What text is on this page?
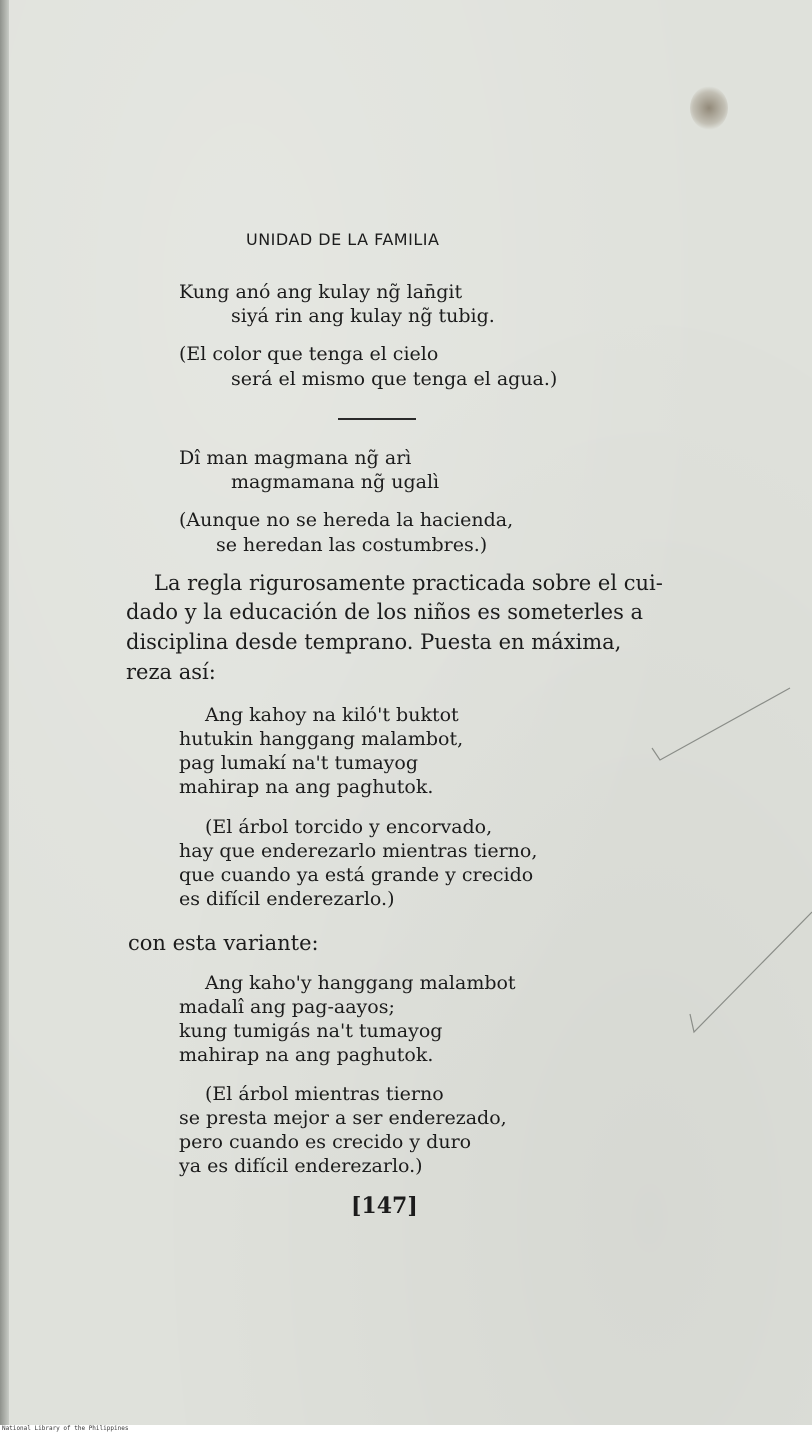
UNIDAD DE LA FAMILIA
Kung anó ang kulay ng̃ lan̄git
siyá rin ang kulay ng̃ tubig.
(El color que tenga el cielo
será el mismo que tenga el agua.)
Dî man magmana ng̃ arì
magmamana ng̃ ugalì
(Aunque no se hereda la hacienda,
se heredan las costumbres.)
La regla rigurosamente practicada sobre el cui-
dado y la educación de los niños es someterles a
disciplina desde temprano. Puesta en máxima,
reza así:
Ang kahoy na kiló't buktot
hutukin hanggang malambot,
pag lumakí na't tumayog
mahirap na ang paghutok.
(El árbol torcido y encorvado,
hay que enderezarlo mientras tierno,
que cuando ya está grande y crecido
es difícil enderezarlo.)
con esta variante:
Ang kaho'y hanggang malambot
madalî ang pag-aayos;
kung tumigás na't tumayog
mahirap na ang paghutok.
(El árbol mientras tierno
se presta mejor a ser enderezado,
pero cuando es crecido y duro
ya es difícil enderezarlo.)
[147]
National Library of the Philippines
